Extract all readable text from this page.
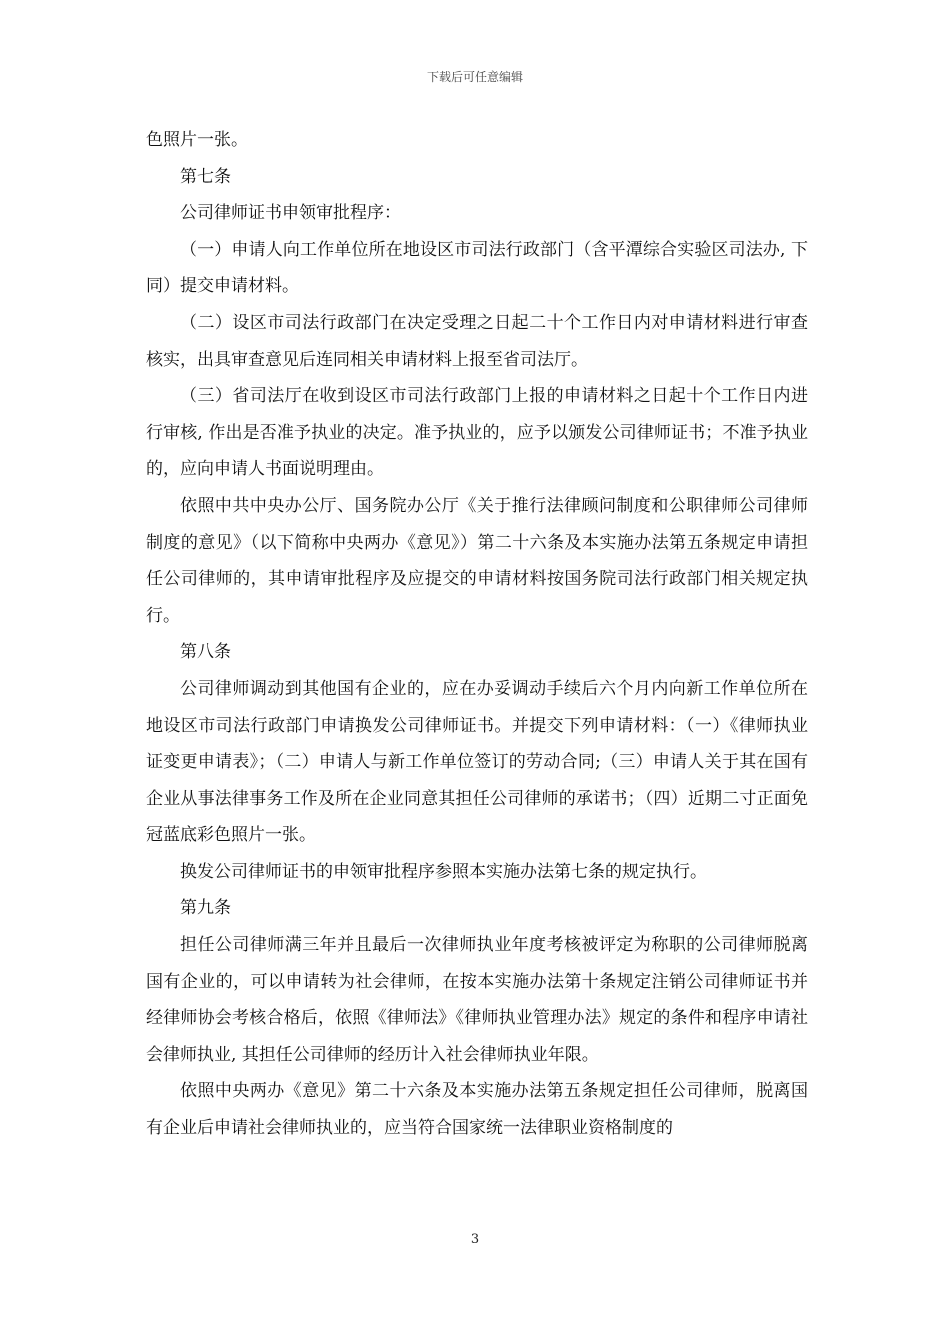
下载后可任意编辑

色照片一张。

第七条

公司律师证书申领审批程序：

（一）申请人向工作单位所在地设区市司法行政部门（含平潭综合实验区司法办, 下同）提交申请材料。

（二）设区市司法行政部门在决定受理之日起二十个工作日内对申请材料进行审查核实，出具审查意见后连同相关申请材料上报至省司法厅。

（三）省司法厅在收到设区市司法行政部门上报的申请材料之日起十个工作日内进行审核, 作出是否准予执业的决定。准予执业的，应予以颁发公司律师证书；不准予执业的，应向申请人书面说明理由。

依照中共中央办公厅、国务院办公厅《关于推行法律顾问制度和公职律师公司律师制度的意见》（以下简称中央两办《意见》）第二十六条及本实施办法第五条规定申请担任公司律师的，其申请审批程序及应提交的申请材料按国务院司法行政部门相关规定执行。

第八条

公司律师调动到其他国有企业的，应在办妥调动手续后六个月内向新工作单位所在地设区市司法行政部门申请换发公司律师证书。并提交下列申请材料：（一）《律师执业证变更申请表》；（二）申请人与新工作单位签订的劳动合同;（三）申请人关于其在国有企业从事法律事务工作及所在企业同意其担任公司律师的承诺书；（四）近期二寸正面免冠蓝底彩色照片一张。

换发公司律师证书的申领审批程序参照本实施办法第七条的规定执行。

第九条

担任公司律师满三年并且最后一次律师执业年度考核被评定为称职的公司律师脱离国有企业的，可以申请转为社会律师，在按本实施办法第十条规定注销公司律师证书并经律师协会考核合格后，依照《律师法》《律师执业管理办法》规定的条件和程序申请社会律师执业, 其担任公司律师的经历计入社会律师执业年限。

依照中央两办《意见》第二十六条及本实施办法第五条规定担任公司律师，脱离国有企业后申请社会律师执业的，应当符合国家统一法律职业资格制度的

3
